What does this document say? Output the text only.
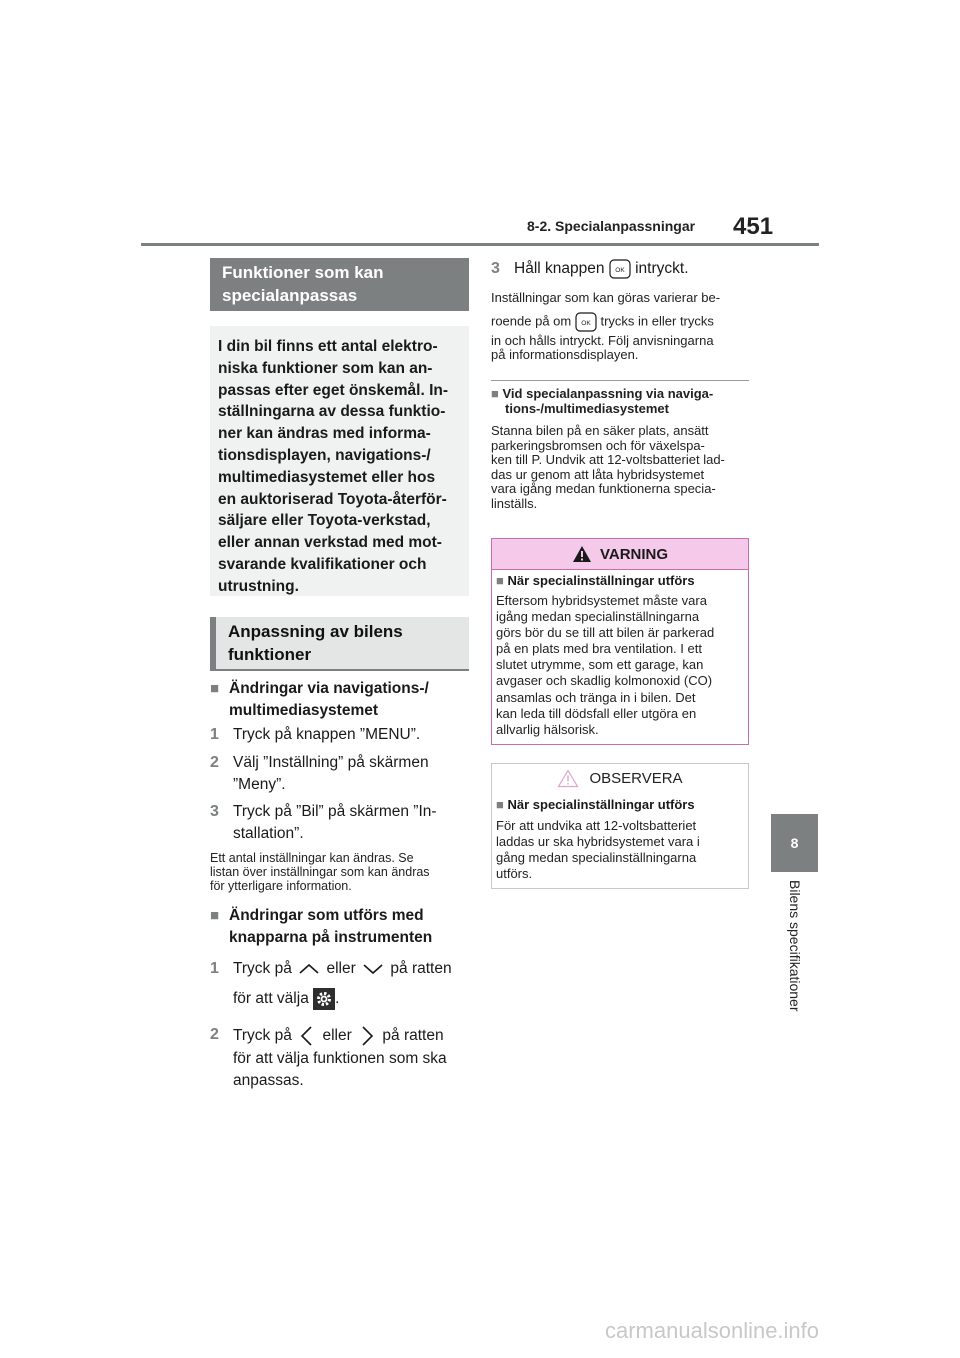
8-2. Specialanpassningar 451
8
Bilens specifikationer
Funktioner som kan
specialanpassas
I din bil finns ett antal elektro-
niska funktioner som kan an-
passas efter eget önskemål. In-
ställningarna av dessa funktio-
ner kan ändras med informa-
tionsdisplayen, navigations-/
multimediasystemet eller hos
en auktoriserad Toyota-återför-
säljare eller Toyota-verkstad,
eller annan verkstad med mot-
svarande kvalifikationer och
utrustning.
Anpassning av bilens
funktioner
■ Ändringar via navigations-/
multimediasystemet
1 Tryck på knappen ”MENU”.
2 Välj ”Inställning” på skärmen
”Meny”.
3 Tryck på ”Bil” på skärmen ”In-
stallation”.
Ett antal inställningar kan ändras. Se
listan över inställningar som kan ändras
för ytterligare information.
■ Ändringar som utförs med
knapparna på instrumenten
1 Tryck på eller på ratten
för att välja .
2 Tryck på eller på ratten
för att välja funktionen som ska
anpassas.
3 Håll knappen OK intryckt.
Inställningar som kan göras varierar be-
roende på om OK trycks in eller trycks
in och hålls intryckt. Följ anvisningarna
på informationsdisplayen.
■ Vid specialanpassning via naviga-
tions-/multimediasystemet
Stanna bilen på en säker plats, ansätt
parkeringsbromsen och för växelspa-
ken till P. Undvik att 12-voltsbatteriet lad-
das ur genom att låta hybridsystemet
vara igång medan funktionerna specia-
linställs.
VARNING
■ När specialinställningar utförs
Eftersom hybridsystemet måste vara
igång medan specialinställningarna
görs bör du se till att bilen är parkerad
på en plats med bra ventilation. I ett
slutet utrymme, som ett garage, kan
avgaser och skadlig kolmonoxid (CO)
ansamlas och tränga in i bilen. Det
kan leda till dödsfall eller utgöra en
allvarlig hälsorisk.
OBSERVERA
■ När specialinställningar utförs
För att undvika att 12-voltsbatteriet
laddas ur ska hybridsystemet vara i
gång medan specialinställningarna
utförs.
carmanualsonline.info
